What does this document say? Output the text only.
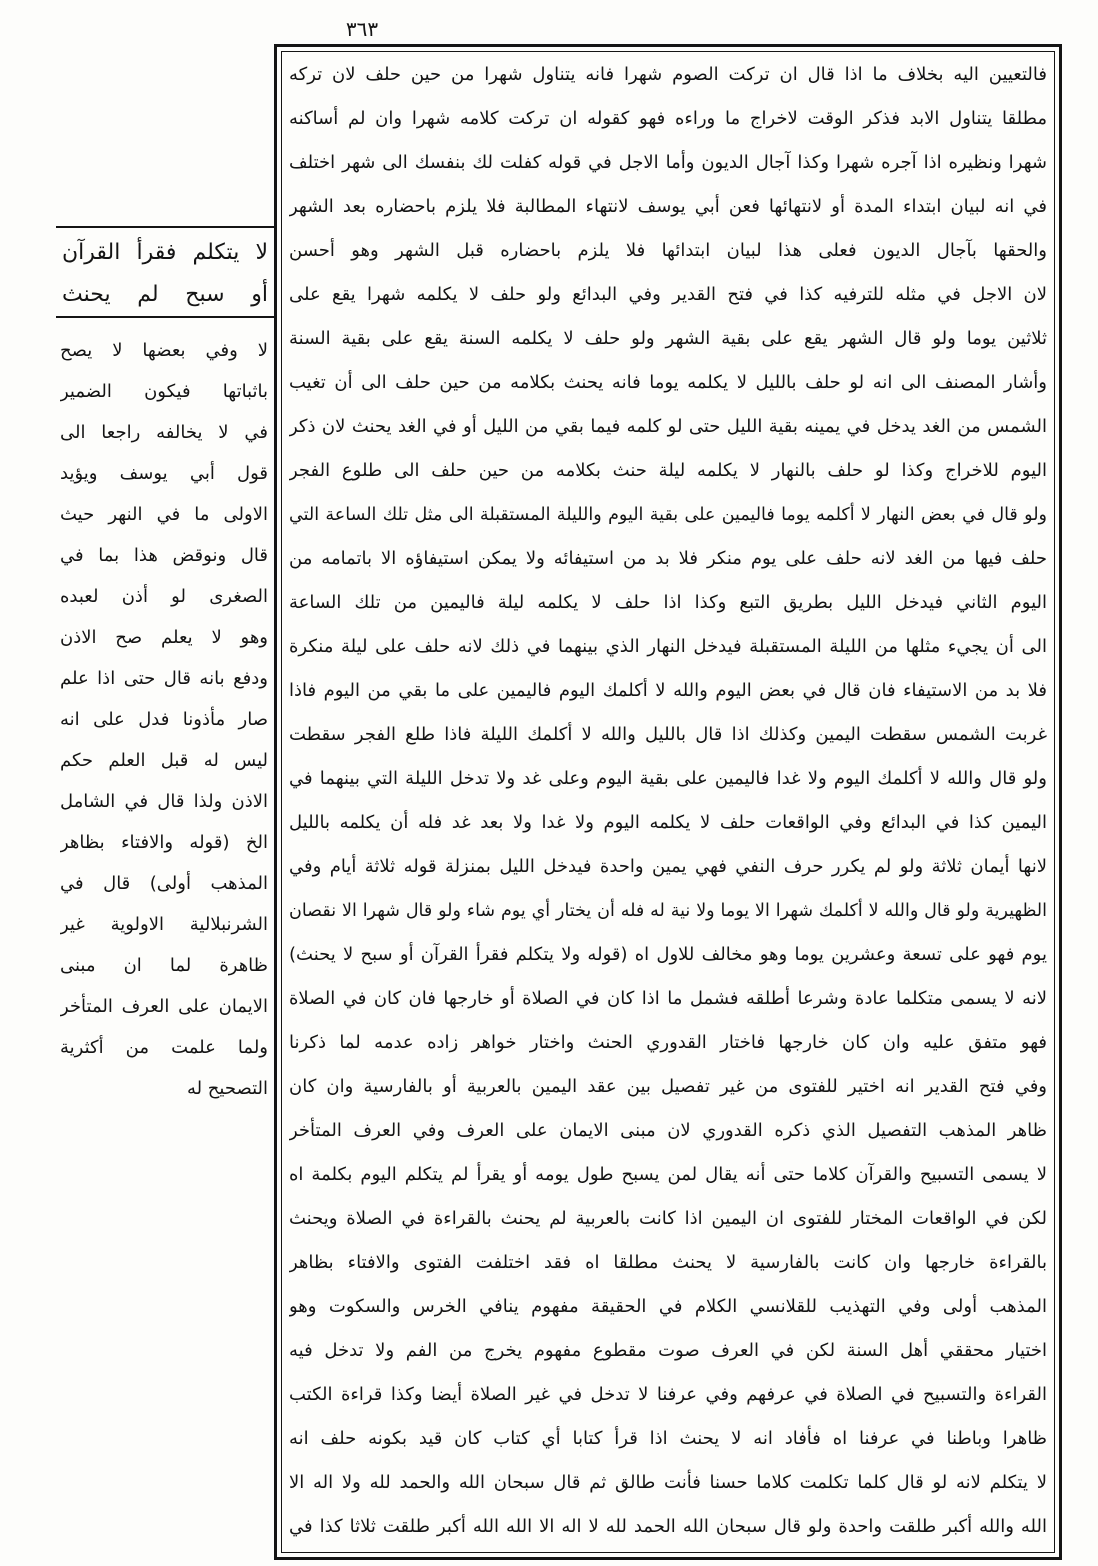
٣٦٣
لا يتكلم فقرأ القرآن
أو سبح لم يحنث
لا وفي بعضها لا يصح
باثباتها فيكون الضمير
في لا يخالفه راجعا الى
قول أبي يوسف ويؤيد
الاولى ما في النهر حيث
قال ونوقض هذا بما في
الصغرى لو أذن لعبده
وهو لا يعلم صح الاذن
ودفع بانه قال حتى اذا علم
صار مأذونا فدل على انه
ليس له قبل العلم حكم
الاذن ولذا قال في الشامل
الخ (قوله والافتاء بظاهر
المذهب أولى) قال في
الشرنبلالية الاولوية غير
ظاهرة لما ان مبنى
الايمان على العرف المتأخر
ولما علمت من أكثرية
التصحيح له
فالتعيين اليه بخلاف ما اذا قال ان تركت الصوم شهرا فانه يتناول شهرا من حين حلف لان تركه
مطلقا يتناول الابد فذكر الوقت لاخراج ما وراءه فهو كقوله ان تركت كلامه شهرا وان لم أساكنه
شهرا ونظيره اذا آجره شهرا وكذا آجال الديون وأما الاجل في قوله كفلت لك بنفسك الى شهر اختلف
في انه لبيان ابتداء المدة أو لانتهائها فعن أبي يوسف لانتهاء المطالبة فلا يلزم باحضاره بعد الشهر
والحقها بآجال الديون فعلى هذا لبيان ابتدائها فلا يلزم باحضاره قبل الشهر وهو أحسن
لان الاجل في مثله للترفيه كذا في فتح القدير وفي البدائع ولو حلف لا يكلمه شهرا يقع على
ثلاثين يوما ولو قال الشهر يقع على بقية الشهر ولو حلف لا يكلمه السنة يقع على بقية السنة
وأشار المصنف الى انه لو حلف بالليل لا يكلمه يوما فانه يحنث بكلامه من حين حلف الى أن تغيب
الشمس من الغد يدخل في يمينه بقية الليل حتى لو كلمه فيما بقي من الليل أو في الغد يحنث لان ذكر
اليوم للاخراج وكذا لو حلف بالنهار لا يكلمه ليلة حنث بكلامه من حين حلف الى طلوع الفجر
ولو قال في بعض النهار لا أكلمه يوما فاليمين على بقية اليوم والليلة المستقبلة الى مثل تلك الساعة التي
حلف فيها من الغد لانه حلف على يوم منكر فلا بد من استيفائه ولا يمكن استيفاؤه الا باتمامه من
اليوم الثاني فيدخل الليل بطريق التبع وكذا اذا حلف لا يكلمه ليلة فاليمين من تلك الساعة
الى أن يجيء مثلها من الليلة المستقبلة فيدخل النهار الذي بينهما في ذلك لانه حلف على ليلة منكرة
فلا بد من الاستيفاء فان قال في بعض اليوم والله لا أكلمك اليوم فاليمين على ما بقي من اليوم فاذا
غربت الشمس سقطت اليمين وكذلك اذا قال بالليل والله لا أكلمك الليلة فاذا طلع الفجر سقطت
ولو قال والله لا أكلمك اليوم ولا غدا فاليمين على بقية اليوم وعلى غد ولا تدخل الليلة التي بينهما في
اليمين كذا في البدائع وفي الواقعات حلف لا يكلمه اليوم ولا غدا ولا بعد غد فله أن يكلمه بالليل
لانها أيمان ثلاثة ولو لم يكرر حرف النفي فهي يمين واحدة فيدخل الليل بمنزلة قوله ثلاثة أيام وفي
الظهيرية ولو قال والله لا أكلمك شهرا الا يوما ولا نية له فله أن يختار أي يوم شاء ولو قال شهرا الا نقصان
يوم فهو على تسعة وعشرين يوما وهو مخالف للاول اه (قوله ولا يتكلم فقرأ القرآن أو سبح لا يحنث)
لانه لا يسمى متكلما عادة وشرعا أطلقه فشمل ما اذا كان في الصلاة أو خارجها فان كان في الصلاة
فهو متفق عليه وان كان خارجها فاختار القدوري الحنث واختار خواهر زاده عدمه لما ذكرنا
وفي فتح القدير انه اختير للفتوى من غير تفصيل بين عقد اليمين بالعربية أو بالفارسية وان كان
ظاهر المذهب التفصيل الذي ذكره القدوري لان مبنى الايمان على العرف وفي العرف المتأخر
لا يسمى التسبيح والقرآن كلاما حتى أنه يقال لمن يسبح طول يومه أو يقرأ لم يتكلم اليوم بكلمة اه
لكن في الواقعات المختار للفتوى ان اليمين اذا كانت بالعربية لم يحنث بالقراءة في الصلاة ويحنث
بالقراءة خارجها وان كانت بالفارسية لا يحنث مطلقا اه فقد اختلفت الفتوى والافتاء بظاهر
المذهب أولى وفي التهذيب للقلانسي الكلام في الحقيقة مفهوم ينافي الخرس والسكوت وهو
اختيار محققي أهل السنة لكن في العرف صوت مقطوع مفهوم يخرج من الفم ولا تدخل فيه
القراءة والتسبيح في الصلاة في عرفهم وفي عرفنا لا تدخل في غير الصلاة أيضا وكذا قراءة الكتب
ظاهرا وباطنا في عرفنا اه فأفاد انه لا يحنث اذا قرأ كتابا أي كتاب كان قيد بكونه حلف انه
لا يتكلم لانه لو قال كلما تكلمت كلاما حسنا فأنت طالق ثم قال سبحان الله والحمد لله ولا اله الا
الله والله أكبر طلقت واحدة ولو قال سبحان الله الحمد لله لا اله الا الله الله أكبر طلقت ثلاثا كذا في
